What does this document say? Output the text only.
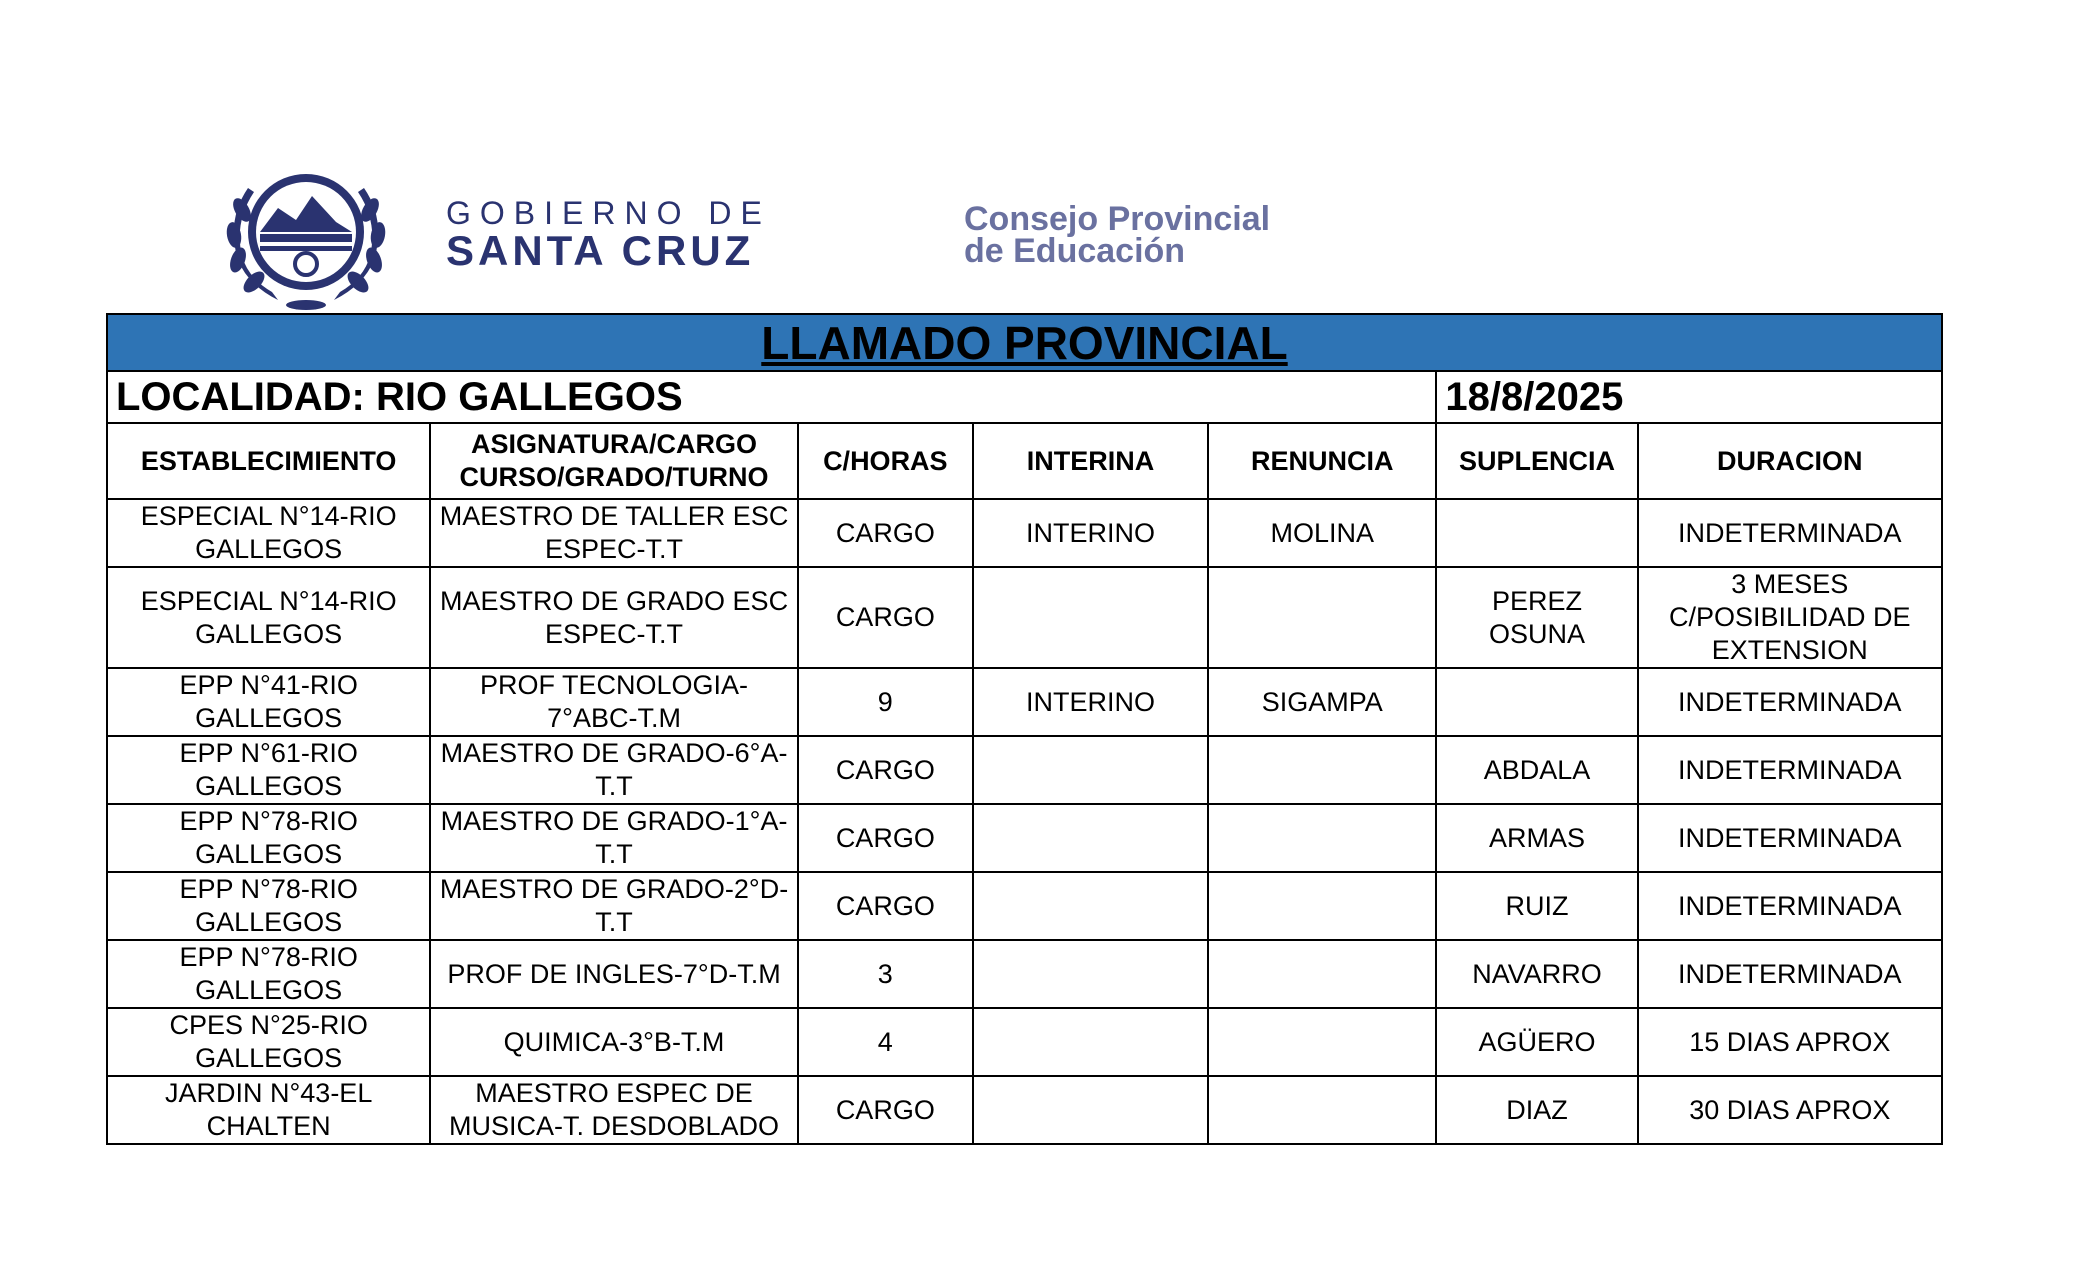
GOBIERNO DE
SANTA CRUZ
Consejo Provincial
de Educación
LLAMADO PROVINCIAL						
LOCALIDAD: RIO GALLEGOS					18/8/2025	
ESTABLECIMIENTO	ASIGNATURA/CARGO CURSO/GRADO/TURNO	C/HORAS	INTERINA	RENUNCIA	SUPLENCIA	DURACION
ESPECIAL N°14-RIO GALLEGOS	MAESTRO DE TALLER ESC ESPEC-T.T	CARGO	INTERINO	MOLINA		INDETERMINADA
ESPECIAL N°14-RIO GALLEGOS	MAESTRO DE GRADO ESC ESPEC-T.T	CARGO			PEREZ OSUNA	3 MESES C/POSIBILIDAD DE EXTENSION
EPP N°41-RIO GALLEGOS	PROF TECNOLOGIA-7°ABC-T.M	9	INTERINO	SIGAMPA		INDETERMINADA
EPP N°61-RIO GALLEGOS	MAESTRO DE GRADO-6°A-T.T	CARGO			ABDALA	INDETERMINADA
EPP N°78-RIO GALLEGOS	MAESTRO DE GRADO-1°A-T.T	CARGO			ARMAS	INDETERMINADA
EPP N°78-RIO GALLEGOS	MAESTRO DE GRADO-2°D-T.T	CARGO			RUIZ	INDETERMINADA
EPP N°78-RIO GALLEGOS	PROF DE INGLES-7°D-T.M	3			NAVARRO	INDETERMINADA
CPES N°25-RIO GALLEGOS	QUIMICA-3°B-T.M	4			AGÜERO	15 DIAS APROX
JARDIN N°43-EL CHALTEN	MAESTRO ESPEC DE MUSICA-T. DESDOBLADO	CARGO			DIAZ	30 DIAS APROX
